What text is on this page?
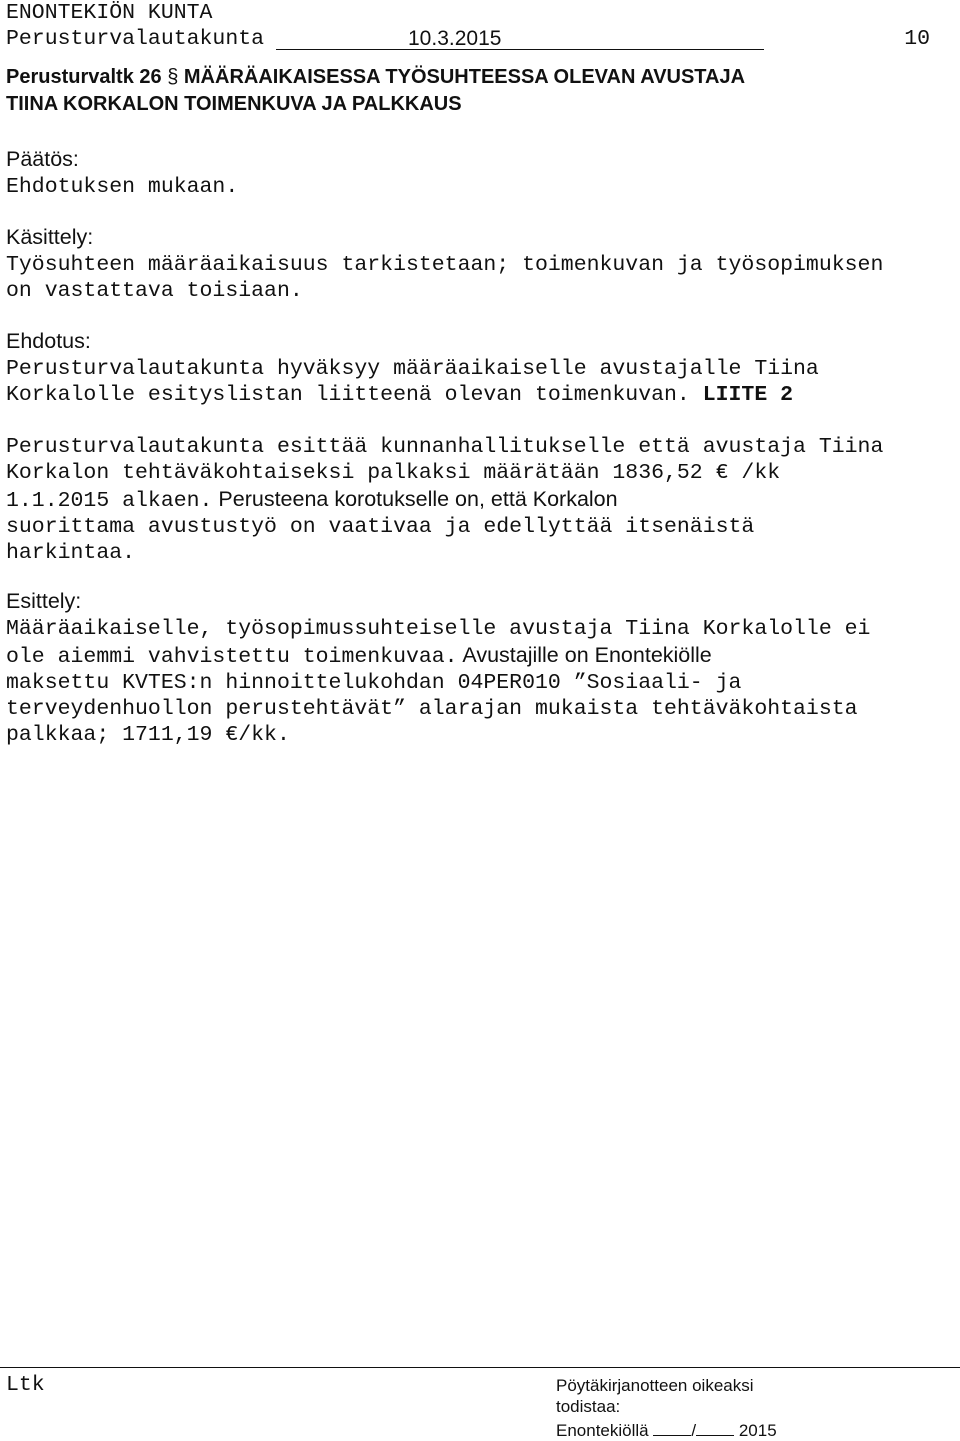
ENONTEKIÖN KUNTA
Perusturvalautakunta	10.3.2015	10
Perusturvaltk 26 § MÄÄRÄAIKAISESSA TYÖSUHTEESSA OLEVAN AVUSTAJA
TIINA KORKALON TOIMENKUVA JA PALKKAUS
Päätös:
Ehdotuksen mukaan.
Käsittely:
Työsuhteen määräaikaisuus tarkistetaan; toimenkuvan ja työsopimuksen
on vastattava toisiaan.
Ehdotus:
Perusturvalautakunta hyväksyy määräaikaiselle avustajalle Tiina
Korkalolle esityslistan liitteenä olevan toimenkuvan. LIITE 2

Perusturvalautakunta esittää kunnanhallitukselle että avustaja Tiina
Korkalon tehtäväkohtaiseksi palkaksi määrätään 1836,52 € /kk
1.1.2015 alkaen. Perusteena korotukselle on, että Korkalon
suorittama avustustyö on vaativaa ja edellyttää itsenäistä
harkintaa.
Esittely:
Määräaikaiselle, työsopimussuhteiselle avustaja Tiina Korkalolle ei
ole aiemmi vahvistettu toimenkuvaa. Avustajille on Enontekiölle
maksettu KVTES:n hinnoittelukohdan 04PER010 ”Sosiaali- ja
terveydenhuollon perustehtävät” alarajan mukaista tehtäväkohtaista
palkkaa; 1711,19 €/kk.
Ltk	Pöytäkirjanotteen oikeaksi
todistaa:
Enontekiöllä	/	2015
